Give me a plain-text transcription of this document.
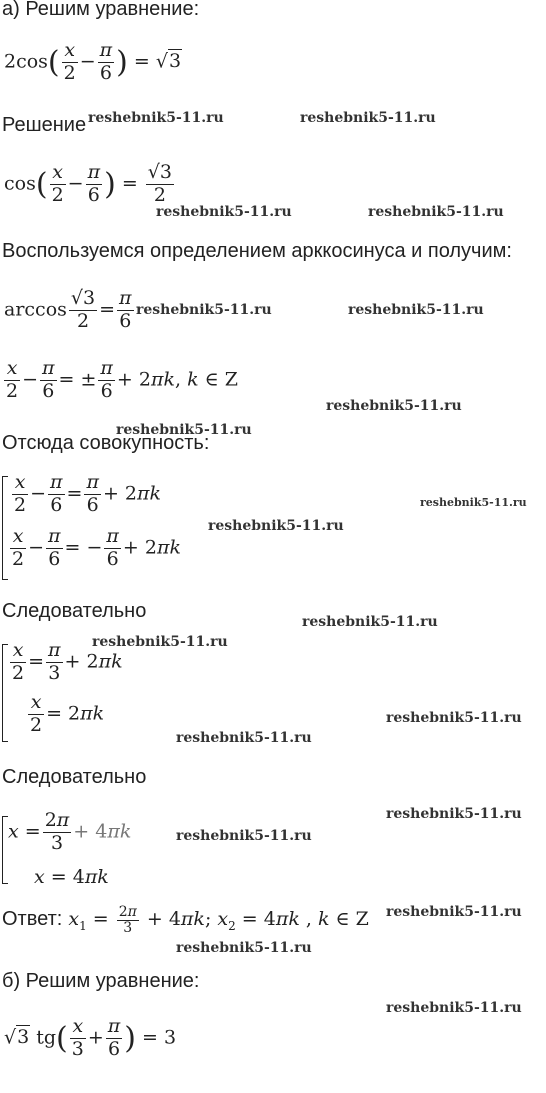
а) Решим уравнение:
$2\cos( \frac{x}{2} - \frac{\pi}{6}$ ) = √3
Решение
$\cos( \frac{x}{2} - \frac{\pi}{6}$ ) = $\frac{√3}{2}$
Воспользуемся определением арккосинуса и получим:
$\arccos \frac{√3}{2} = \frac{\pi}{6}$
$\frac{x}{2} - \frac{\pi}{6}$ = ± $\frac{\pi}{6} + 2\pi k$, k ∈ Z
Отсюда совокупность:
$\frac{x}{2} - \frac{\pi}{6} = \frac{\pi}{6} + 2\pi k$
$\frac{x}{2} - \frac{\pi}{6}$ = − $\frac{\pi}{6} + 2\pi k$
Следовательно
$\frac{x}{2} = \frac{\pi}{3} + 2\pi k$
$\frac{x}{2} = 2\pi k$
Следовательно
$x = \frac{2\pi}{3} + 4\pi k$
x = 4πk
Ответ: $x_1 = \frac{2\pi}{3} + 4\pi k$; $x_2 = 4\pi k$ , k ∈ Z
б) Решим уравнение:
√3 $tg( \frac{x}{3} + \frac{\pi}{6}$ ) = 3
reshebnik5-11.ru	reshebnik5-11.ru
reshebnik5-11.ru	reshebnik5-11.ru
reshebnik5-11.ru	reshebnik5-11.ru
reshebnik5-11.ru
reshebnik5-11.ru
reshebnik5-11.ru
reshebnik5-11.ru
reshebnik5-11.ru
reshebnik5-11.ru
reshebnik5-11.ru
reshebnik5-11.ru
reshebnik5-11.ru
reshebnik5-11.ru
reshebnik5-11.ru
reshebnik5-11.ru
reshebnik5-11.ru
